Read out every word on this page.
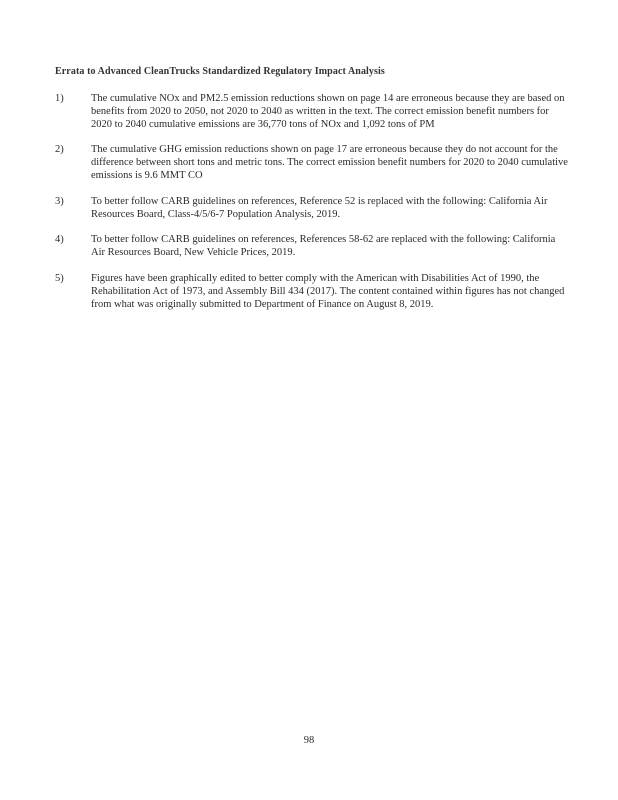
Errata to Advanced CleanTrucks Standardized Regulatory Impact Analysis
1)	The cumulative NOx and PM2.5 emission reductions shown on page 14 are erroneous because they are based on benefits from 2020 to 2050, not 2020 to 2040 as written in the text. The correct emission benefit numbers for 2020 to 2040 cumulative emissions are 36,770 tons of NOx and 1,092 tons of PM
2)	The cumulative GHG emission reductions shown on page 17 are erroneous because they do not account for the difference between short tons and metric tons. The correct emission benefit numbers for 2020 to 2040 cumulative emissions is 9.6 MMT CO
3)	To better follow CARB guidelines on references, Reference 52 is replaced with the following: California Air Resources Board, Class-4/5/6-7 Population Analysis, 2019.
4)	To better follow CARB guidelines on references, References 58-62 are replaced with the following: California Air Resources Board, New Vehicle Prices, 2019.
5)	Figures have been graphically edited to better comply with the American with Disabilities Act of 1990, the Rehabilitation Act of 1973, and Assembly Bill 434 (2017). The content contained within figures has not changed from what was originally submitted to Department of Finance on August 8, 2019.
98
